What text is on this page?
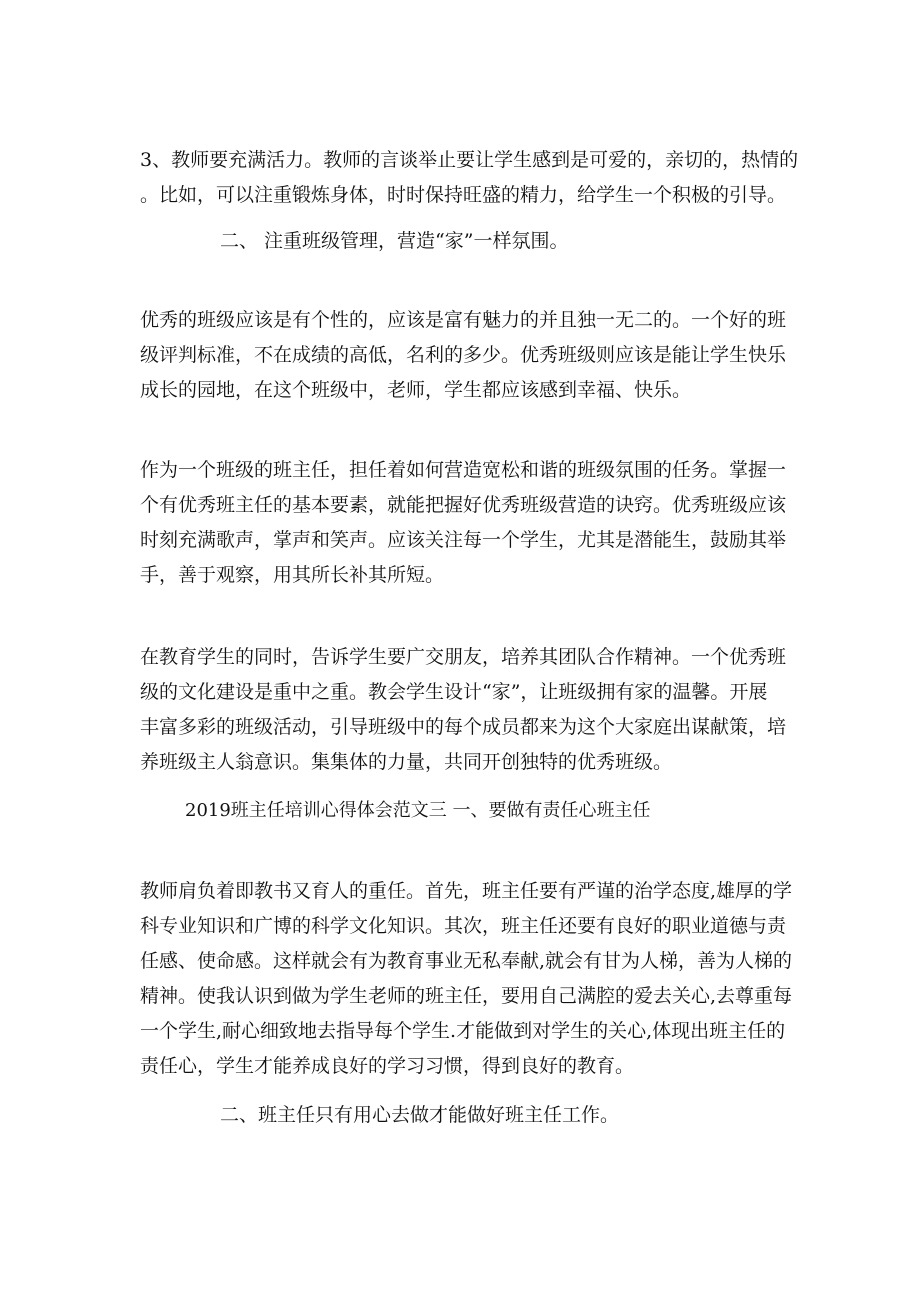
3、教师要充满活力。教师的言谈举止要让学生感到是可爱的，亲切的，热情的
。比如，可以注重锻炼身体，时时保持旺盛的精力，给学生一个积极的引导。
二、 注重班级管理，营造“家”一样氛围。
优秀的班级应该是有个性的，应该是富有魅力的并且独一无二的。一个好的班
级评判标准，不在成绩的高低，名利的多少。优秀班级则应该是能让学生快乐
成长的园地，在这个班级中，老师，学生都应该感到幸福、快乐。
作为一个班级的班主任，担任着如何营造宽松和谐的班级氛围的任务。掌握一
个有优秀班主任的基本要素，就能把握好优秀班级营造的诀窍。优秀班级应该
时刻充满歌声，掌声和笑声。应该关注每一个学生，尤其是潜能生，鼓励其举
手，善于观察，用其所长补其所短。
在教育学生的同时，告诉学生要广交朋友，培养其团队合作精神。一个优秀班
级的文化建设是重中之重。教会学生设计“家”，让班级拥有家的温馨。开展
丰富多彩的班级活动，引导班级中的每个成员都来为这个大家庭出谋献策，培
养班级主人翁意识。集集体的力量，共同开创独特的优秀班级。
2019班主任培训心得体会范文三 一、要做有责任心班主任
教师肩负着即教书又育人的重任。首先，班主任要有严谨的治学态度,雄厚的学
科专业知识和广博的科学文化知识。其次，班主任还要有良好的职业道德与责
任感、使命感。这样就会有为教育事业无私奉献,就会有甘为人梯，善为人梯的
精神。使我认识到做为学生老师的班主任，要用自己满腔的爱去关心,去尊重每
一个学生,耐心细致地去指导每个学生.才能做到对学生的关心,体现出班主任的
责任心，学生才能养成良好的学习习惯，得到良好的教育。
二、班主任只有用心去做才能做好班主任工作。
